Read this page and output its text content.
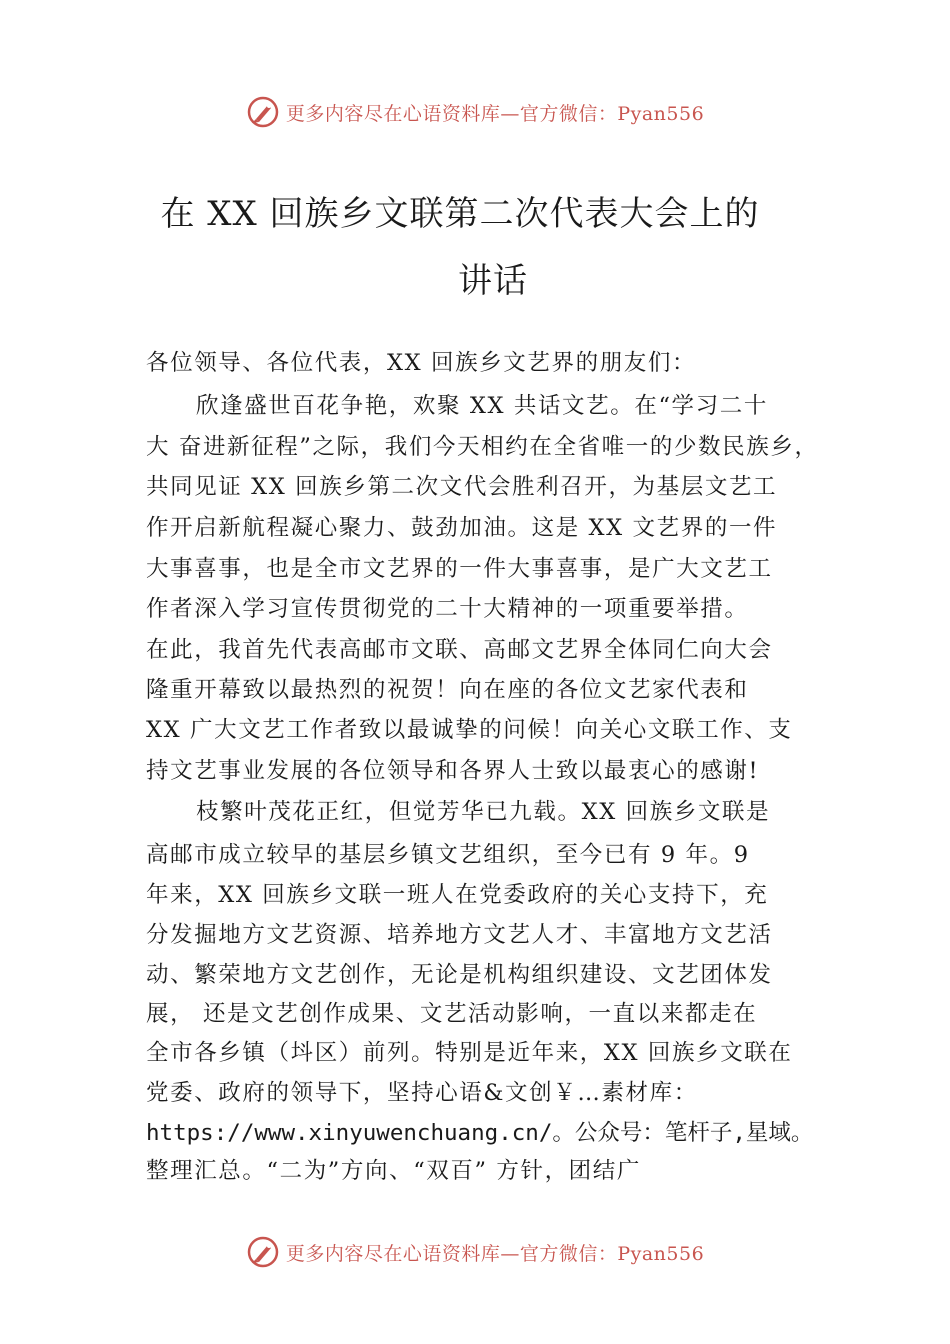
更多内容尽在心语资料库—官方微信：Pyan556
在 XX 回族乡文联第二次代表大会上的
讲话
各位领导、各位代表，XX 回族乡文艺界的朋友们：
欣逢盛世百花争艳，欢聚 XX 共话文艺。在“学习二十
大 奋进新征程”之际，我们今天相约在全省唯一的少数民族乡，
共同见证 XX 回族乡第二次文代会胜利召开，为基层文艺工
作开启新航程凝心聚力、鼓劲加油。这是 XX 文艺界的一件
大事喜事，也是全市文艺界的一件大事喜事，是广大文艺工
作者深入学习宣传贯彻党的二十大精神的一项重要举措。
在此，我首先代表高邮市文联、高邮文艺界全体同仁向大会
隆重开幕致以最热烈的祝贺！向在座的各位文艺家代表和
XX 广大文艺工作者致以最诚挚的问候！向关心文联工作、支
持文艺事业发展的各位领导和各界人士致以最衷心的感谢!
枝繁叶茂花正红，但觉芳华已九载。XX 回族乡文联是
高邮市成立较早的基层乡镇文艺组织，至今已有 9 年。9
年来，XX 回族乡文联一班人在党委政府的关心支持下，充
分发掘地方文艺资源、培养地方文艺人才、丰富地方文艺活
动、繁荣地方文艺创作，无论是机构组织建设、文艺团体发
展， 还是文艺创作成果、文艺活动影响，一直以来都走在
全市各乡镇（㘰区）前列。特别是近年来，XX 回族乡文联在
党委、政府的领导下，坚持心语&文创￥…素材库：
https://www.xinyuwenchuang.cn/。公众号：笔杆子,星域。
整理汇总。“二为”方向、“双百” 方针，团结广
更多内容尽在心语资料库—官方微信：Pyan556
